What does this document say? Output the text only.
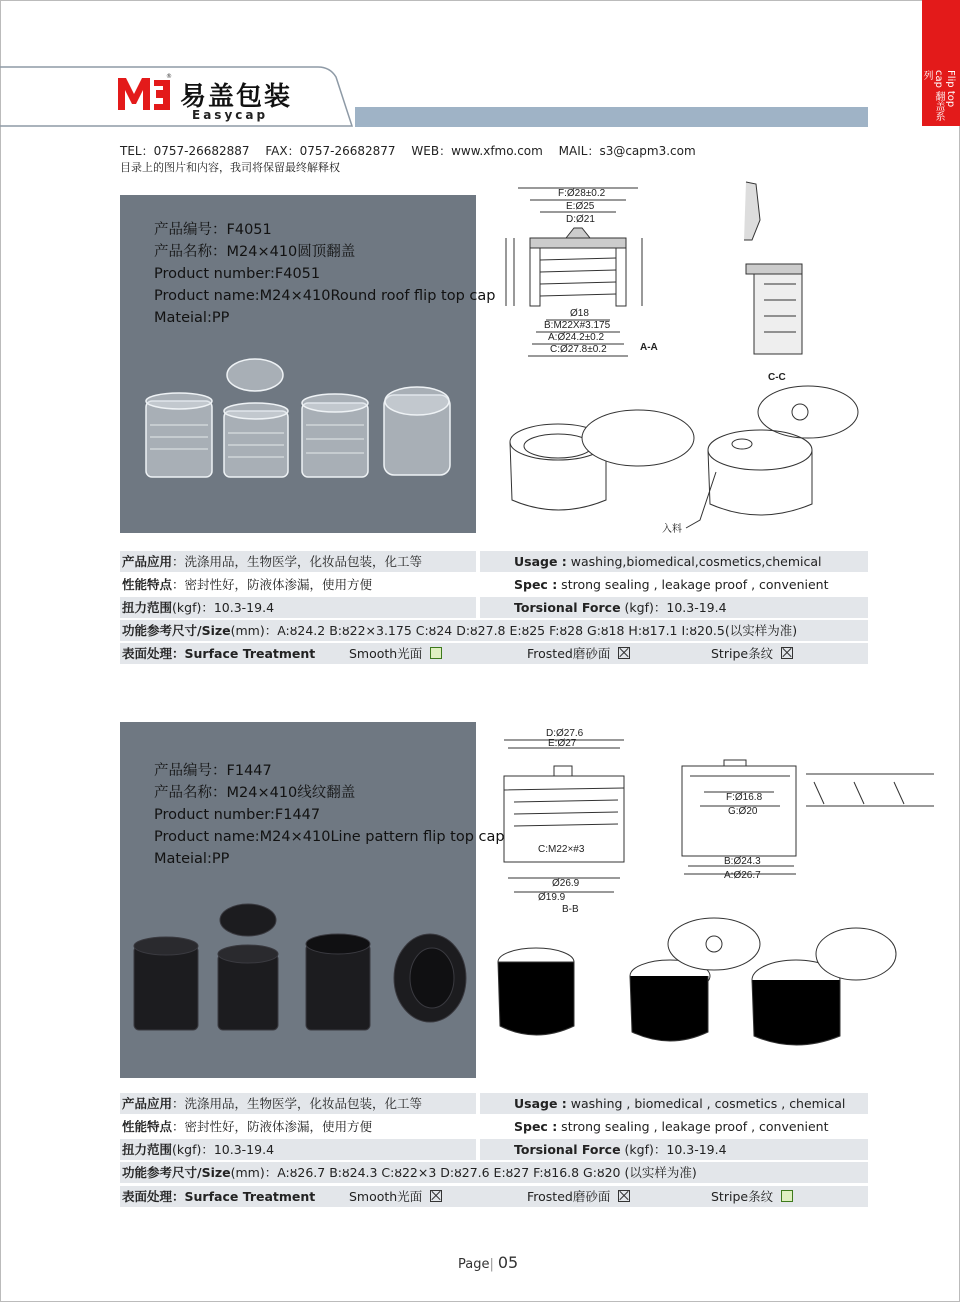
®
易盖包装
Easycap
Flip top cap 翻盖系列
TEL：0757-26682887 FAX：0757-26682877 WEB：www.xfmo.com MAIL：s3@capm3.com
目录上的图片和内容，我司将保留最终解释权
产品编号：F4051
产品名称：M24×410圆顶翻盖
Product number:F4051
Product name:M24×410Round roof flip top cap
Mateial:PP
F:Ø28±0.2
E:Ø25
D:Ø21
Ø18
B:M22X#3.175
A:Ø24.2±0.2
C:Ø27.8±0.2	A-A
C-C
入料
产品应用：洗涤用品，生物医学，化妆品包装，化工等	Usage : washing,biomedical,cosmetics,chemical
性能特点：密封性好，防液体渗漏，使用方便	Spec : strong sealing , leakage proof , convenient
扭力范围(kgf)：10.3-19.4	Torsional Force (kgf)：10.3-19.4
功能参考尺寸/Size(mm)：A:ȣ24.2 B:ȣ22×3.175 C:ȣ24 D:ȣ27.8 E:ȣ25 F:ȣ28 G:ȣ18 H:ȣ17.1 I:ȣ20.5(以实样为准)
表面处理：Surface Treatment	Smooth光面	Frosted磨砂面	Stripe条纹
产品编号：F1447
产品名称：M24×410线纹翻盖
Product number:F1447
Product name:M24×410Line pattern flip top cap
Mateial:PP
D:Ø27.6
E:Ø27
C:M22×#3
Ø26.9
Ø19.9
B-B
F:Ø16.8
G:Ø20
B:Ø24.3
A:Ø26.7
产品应用：洗涤用品，生物医学，化妆品包装，化工等	Usage : washing , biomedical , cosmetics , chemical
性能特点：密封性好，防液体渗漏，使用方便	Spec : strong sealing , leakage proof , convenient
扭力范围(kgf)：10.3-19.4	Torsional Force (kgf)：10.3-19.4
功能参考尺寸/Size(mm)：A:ȣ26.7 B:ȣ24.3 C:ȣ22×3 D:ȣ27.6 E:ȣ27 F:ȣ16.8 G:ȣ20 (以实样为准)
表面处理：Surface Treatment	Smooth光面	Frosted磨砂面	Stripe条纹
Page| 05
